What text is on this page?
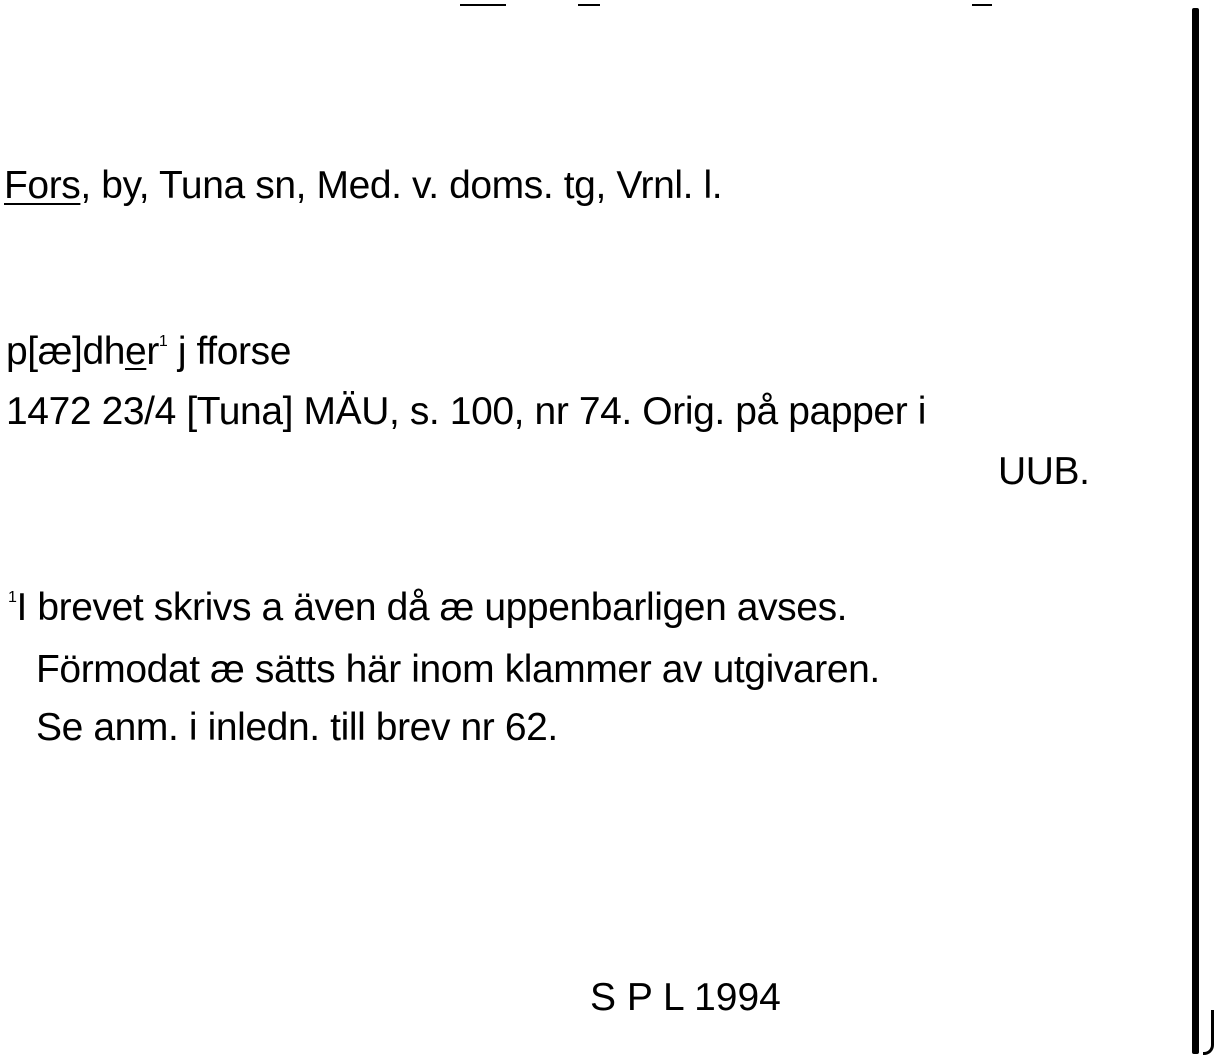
Fors, by, Tuna sn, Med. v. doms. tg, Vrnl. l.
p[æ]dher$^1$ j fforse
1472 23/4 [Tuna] MÄU, s. 100, nr 74. Orig. på papper i
UUB.
$^1$I brevet skrivs a även då æ uppenbarligen avses.
Förmodat æ sätts här inom klammer av utgivaren.
Se anm. i inledn. till brev nr 62.
S P L 1994
